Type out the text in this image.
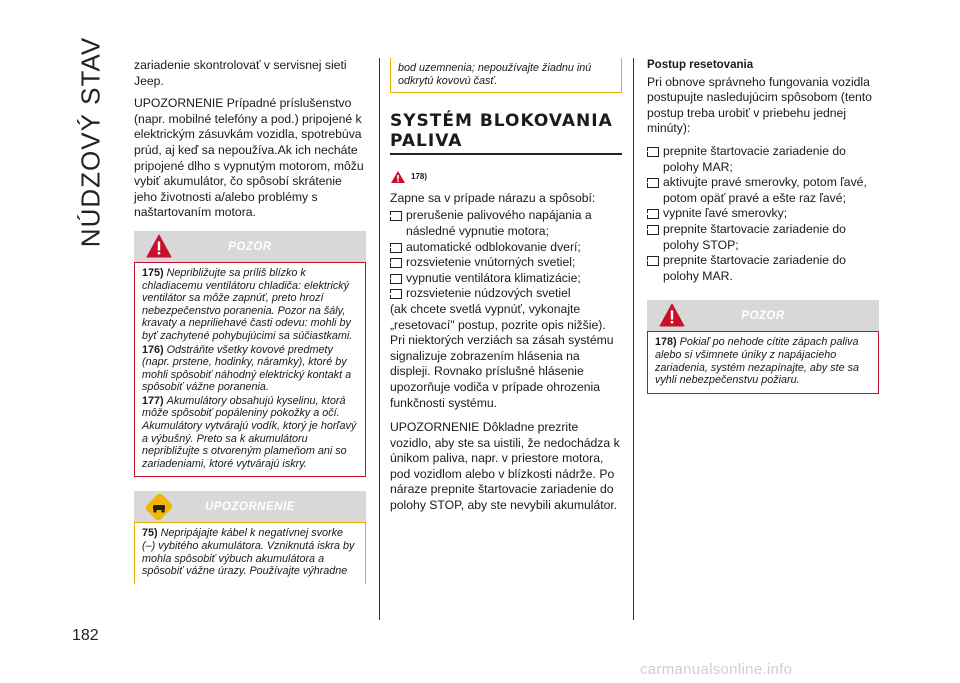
NÚDZOVÝ STAV
182

zariadenie skontrolovať v servisnej sieti Jeep.

UPOZORNENIE Prípadné príslušenstvo (napr. mobilné telefóny a pod.) pripojené k elektrickým zásuvkám vozidla, spotrebúva prúd, aj keď sa nepoužíva.Ak ich necháte pripojené dlho s vypnutým motorom, môžu vybiť akumulátor, čo spôsobí skrátenie jeho životnosti a/alebo problémy s naštartovaním motora.

POZOR
175) Nepribližujte sa príliš blízko k chladiacemu ventilátoru chladiča: elektrický ventilátor sa môže zapnúť, preto hrozí nebezpečenstvo poranenia. Pozor na šály, kravaty a nepriliehavé časti odevu: mohli by byť zachytené pohybujúcimi sa súčiastkami.
176) Odstráňte všetky kovové predmety (napr. prstene, hodinky, náramky), ktoré by mohli spôsobiť náhodný elektrický kontakt a spôsobiť vážne poranenia.
177) Akumulátory obsahujú kyselinu, ktorá môže spôsobiť popáleniny pokožky a očí. Akumulátory vytvárajú vodík, ktorý je horľavý a výbušný. Preto sa k akumulátoru nepribližujte s otvoreným plameňom ani so zariadeniami, ktoré vytvárajú iskry.
UPOZORNENIE
75) Nepripájajte kábel k negatívnej svorke (–) vybitého akumulátora. Vzniknutá iskra by mohla spôsobiť výbuch akumulátora a spôsobiť vážne úrazy. Používajte výhradne
bod uzemnenia; nepoužívajte žiadnu inú odkrytú kovovú časť.
SYSTÉM BLOKOVANIA PALIVA
178)

Zapne sa v prípade nárazu a spôsobí:

prerušenie palivového napájania a následné vypnutie motora;
automatické odblokovanie dverí;
rozsvietenie vnútorných svetiel;
vypnutie ventilátora klimatizácie;
rozsvietenie núdzových svetiel

(ak chcete svetlá vypnúť, vykonajte „resetovací" postup, pozrite opis nižšie). Pri niektorých verziách sa zásah systému signalizuje zobrazením hlásenia na displeji. Rovnako príslušné hlásenie upozorňuje vodiča v prípade ohrozenia funkčnosti systému.

UPOZORNENIE Dôkladne prezrite vozidlo, aby ste sa uistili, že nedochádza k únikom paliva, napr. v priestore motora, pod vozidlom alebo v blízkosti nádrže. Po náraze prepnite štartovacie zariadenie do polohy STOP, aby ste nevybili akumulátor.

Postup resetovania

Pri obnove správneho fungovania vozidla postupujte nasledujúcim spôsobom (tento postup treba urobiť v priebehu jednej minúty):

prepnite štartovacie zariadenie do polohy MAR;
aktivujte pravé smerovky, potom ľavé, potom opäť pravé a ešte raz ľavé;
vypnite ľavé smerovky;
prepnite štartovacie zariadenie do polohy STOP;
prepnite štartovacie zariadenie do polohy MAR.
POZOR
178) Pokiaľ po nehode cítite zápach paliva alebo si všimnete úniky z napájacieho zariadenia, systém nezapínajte, aby ste sa vyhli nebezpečenstvu požiaru.
carmanualsonline.info
